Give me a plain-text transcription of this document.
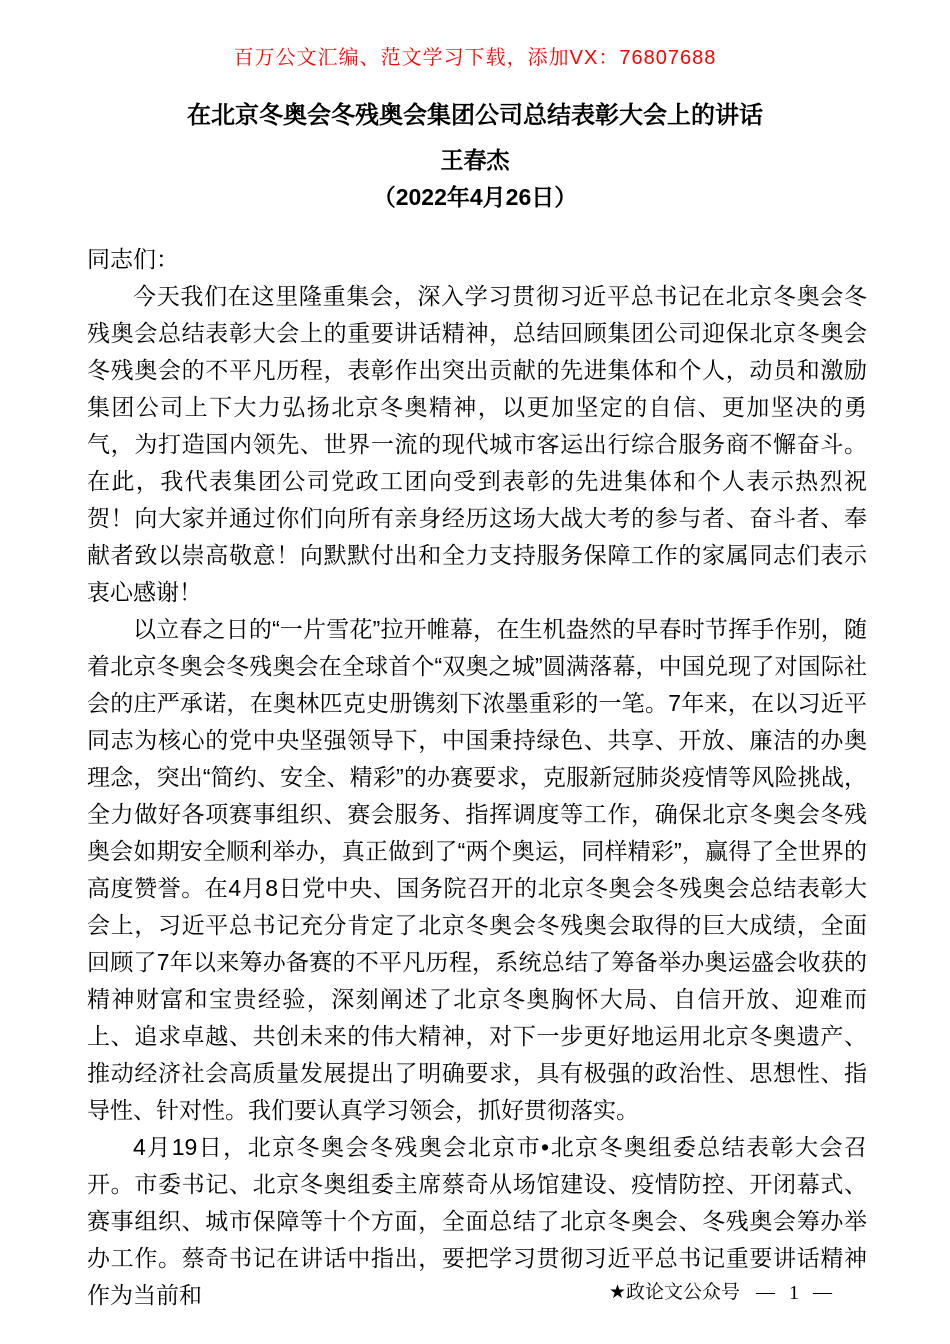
百万公文汇编、范文学习下载，添加VX：76807688
在北京冬奥会冬残奥会集团公司总结表彰大会上的讲话
王春杰
（2022年4月26日）

同志们：

今天我们在这里隆重集会，深入学习贯彻习近平总书记在北京冬奥会冬残奥会总结表彰大会上的重要讲话精神，总结回顾集团公司迎保北京冬奥会冬残奥会的不平凡历程，表彰作出突出贡献的先进集体和个人，动员和激励集团公司上下大力弘扬北京冬奥精神，以更加坚定的自信、更加坚决的勇气，为打造国内领先、世界一流的现代城市客运出行综合服务商不懈奋斗。在此，我代表集团公司党政工团向受到表彰的先进集体和个人表示热烈祝贺！向大家并通过你们向所有亲身经历这场大战大考的参与者、奋斗者、奉献者致以崇高敬意！向默默付出和全力支持服务保障工作的家属同志们表示衷心感谢！

以立春之日的“一片雪花”拉开帷幕，在生机盎然的早春时节挥手作别，随着北京冬奥会冬残奥会在全球首个“双奥之城”圆满落幕，中国兑现了对国际社会的庄严承诺，在奥林匹克史册镌刻下浓墨重彩的一笔。7年来，在以习近平同志为核心的党中央坚强领导下，中国秉持绿色、共享、开放、廉洁的办奥理念，突出“简约、安全、精彩”的办赛要求，克服新冠肺炎疫情等风险挑战，全力做好各项赛事组织、赛会服务、指挥调度等工作，确保北京冬奥会冬残奥会如期安全顺利举办，真正做到了“两个奥运，同样精彩”，赢得了全世界的高度赞誉。在4月8日党中央、国务院召开的北京冬奥会冬残奥会总结表彰大会上，习近平总书记充分肯定了北京冬奥会冬残奥会取得的巨大成绩，全面回顾了7年以来筹办备赛的不平凡历程，系统总结了筹备举办奥运盛会收获的精神财富和宝贵经验，深刻阐述了北京冬奥胸怀大局、自信开放、迎难而上、追求卓越、共创未来的伟大精神，对下一步更好地运用北京冬奥遗产、推动经济社会高质量发展提出了明确要求，具有极强的政治性、思想性、指导性、针对性。我们要认真学习领会，抓好贯彻落实。

4月19日，北京冬奥会冬残奥会北京市•北京冬奥组委总结表彰大会召开。市委书记、北京冬奥组委主席蔡奇从场馆建设、疫情防控、开闭幕式、赛事组织、城市保障等十个方面，全面总结了北京冬奥会、冬残奥会筹办举办工作。蔡奇书记在讲话中指出，要把学习贯彻习近平总书记重要讲话精神作为当前和	★ 政论文公众号 — 1 —
